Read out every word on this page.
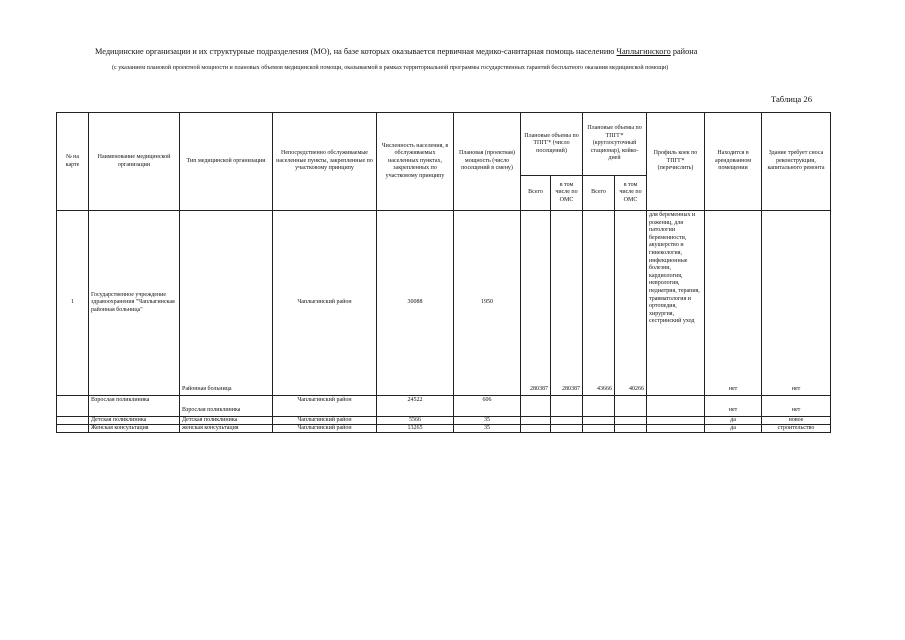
Медицинские организации и их структурные подразделения (МО), на базе которых оказывается первичная медико-санитарная помощь населению Чаплыгинского района
(с указанием плановой проектной мощности и плановых объемов медицинской помощи, оказываемой в рамках территориальной программы государственных гарантий бесплатного оказания медицинской помощи)
Таблица 26
№ на карте	Наименование медицинской организации	Тип медицинской организации	Непосредственно обслуживаемые населенные пункты, закрепленные по участковому принципу	Численность населения, в обслуживаемых населенных пунктах, закрепленных по участковому принципу	Плановая (проектная) мощность (число посещений в смену)	Плановые объемы по ТПГГ* (число посещений)		Плановые объемы по ТПГГ* (круглосуточный стационар), койко-дней		Профиль коек по ТПГГ* (перечислить)	Находится в арендованном помещении	Здание требует сноса реконструкции, капитального ремонта
						Всего	в том числе по ОМС	Всего	в том числе по ОМС			
1	Государственное учреждение здравоохранения "Чаплыгинская районная больница"	Районная больница	Чаплыгинский район	30088	1950	280387	280387	43666	40266	для беременных и рожениц, для патологии беременности, акушерство и гинекология, инфекционные болезни, кардиология, неврология, педиатрия, терапия, травматология и ортопедия, хирургия, сестринский уход	нет	нет
	Взрослая поликлиника	Взрослая поликлиника	Чаплыгинский район	24522	606						нет	нет
	Детская поликлиника	Детская поликлиника	Чаплыгинский район	5566	35						да	новое
	Женская консультация	женская консультация	Чаплыгинский район	13265	35						да	строительство
